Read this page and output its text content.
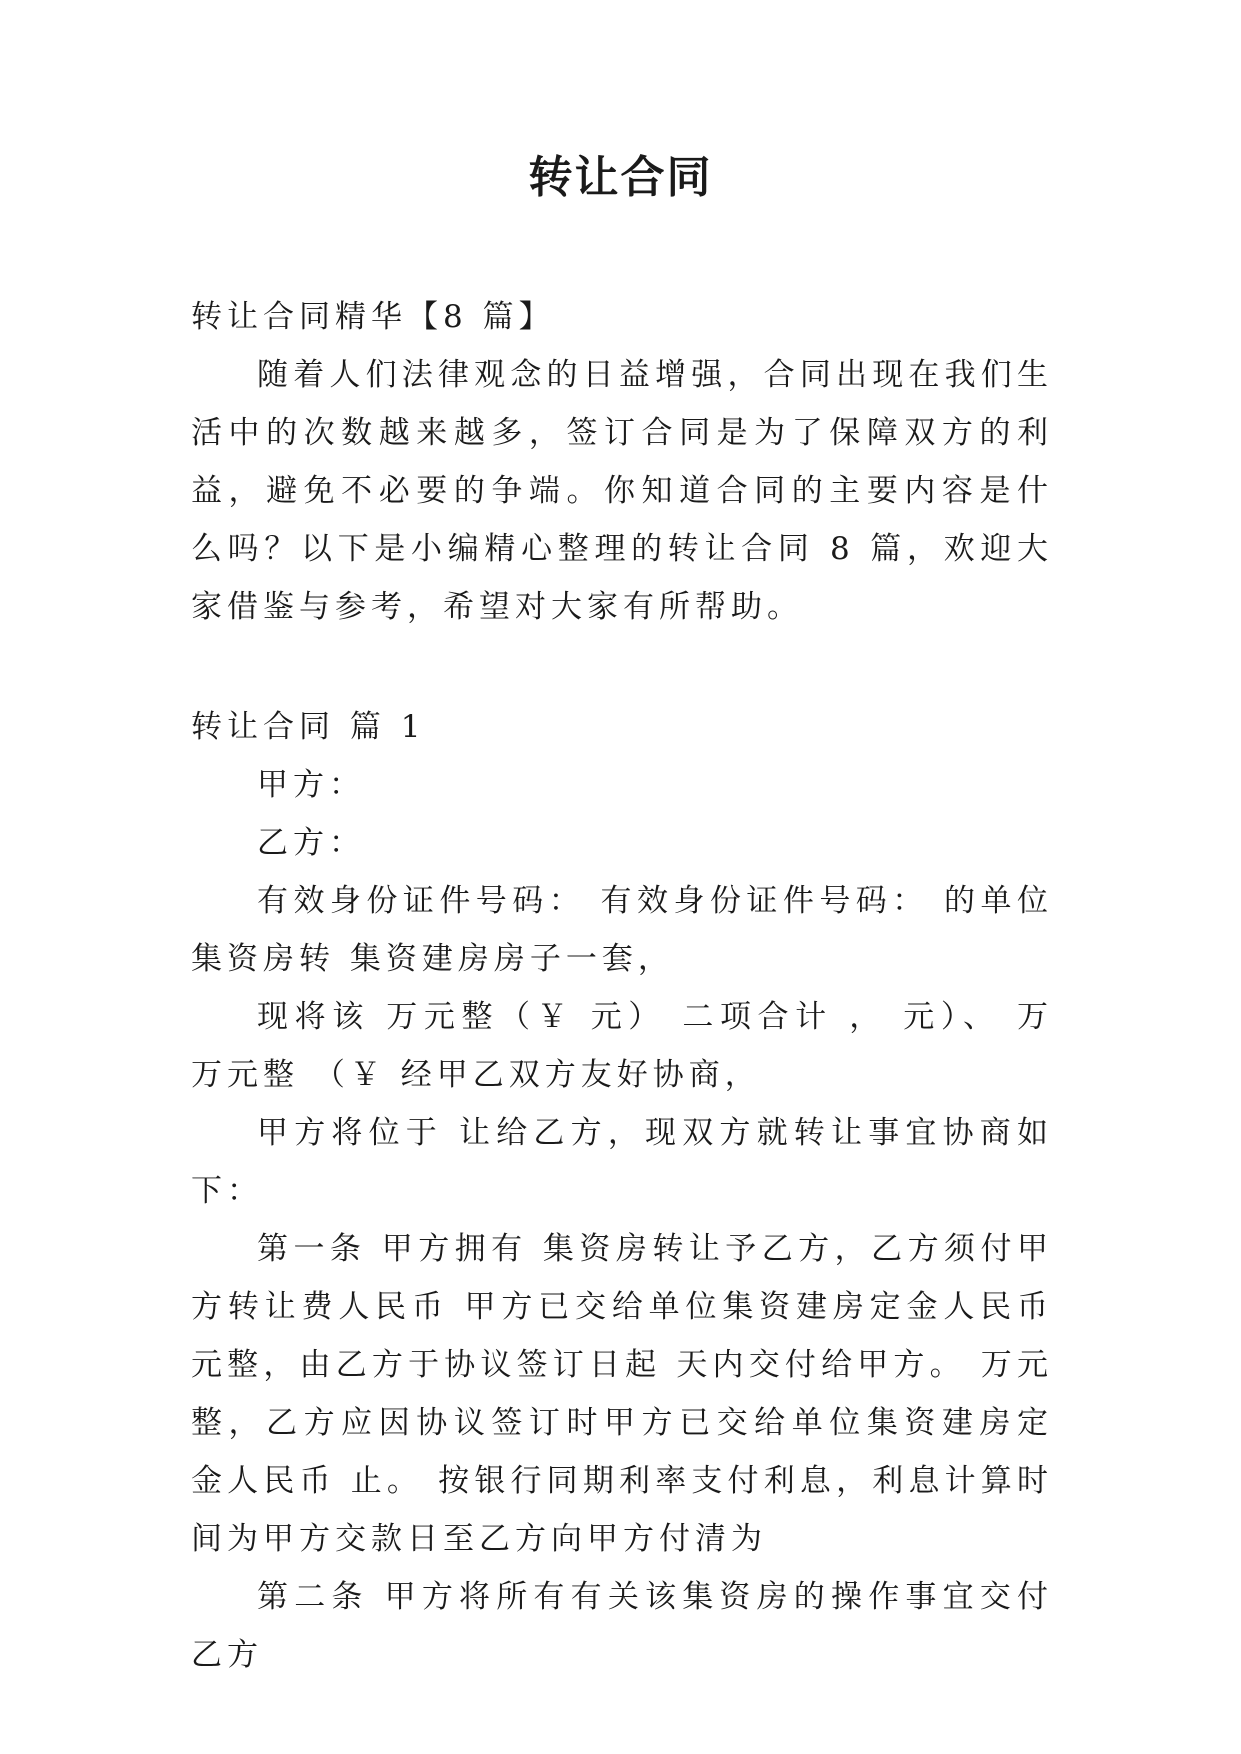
转让合同

转让合同精华【8 篇】

随着人们法律观念的日益增强，合同出现在我们生活中的次数越来越多，签订合同是为了保障双方的利益，避免不必要的争端。你知道合同的主要内容是什么吗？以下是小编精心整理的转让合同 8 篇，欢迎大家借鉴与参考，希望对大家有所帮助。

转让合同 篇 1

甲方：

乙方：

有效身份证件号码： 有效身份证件号码： 的单位集资房转 集资建房房子一套，

现将该 万元整（￥ 元） 二项合计 ， 元）、 万 万元整 （￥ 经甲乙双方友好协商，

甲方将位于 让给乙方，现双方就转让事宜协商如下：

第一条 甲方拥有 集资房转让予乙方，乙方须付甲方转让费人民币 甲方已交给单位集资建房定金人民币 元整，由乙方于协议签订日起 天内交付给甲方。 万元整，乙方应因协议签订时甲方已交给单位集资建房定金人民币 止。 按银行同期利率支付利息，利息计算时间为甲方交款日至乙方向甲方付清为

第二条 甲方将所有有关该集资房的操作事宜交付乙方
